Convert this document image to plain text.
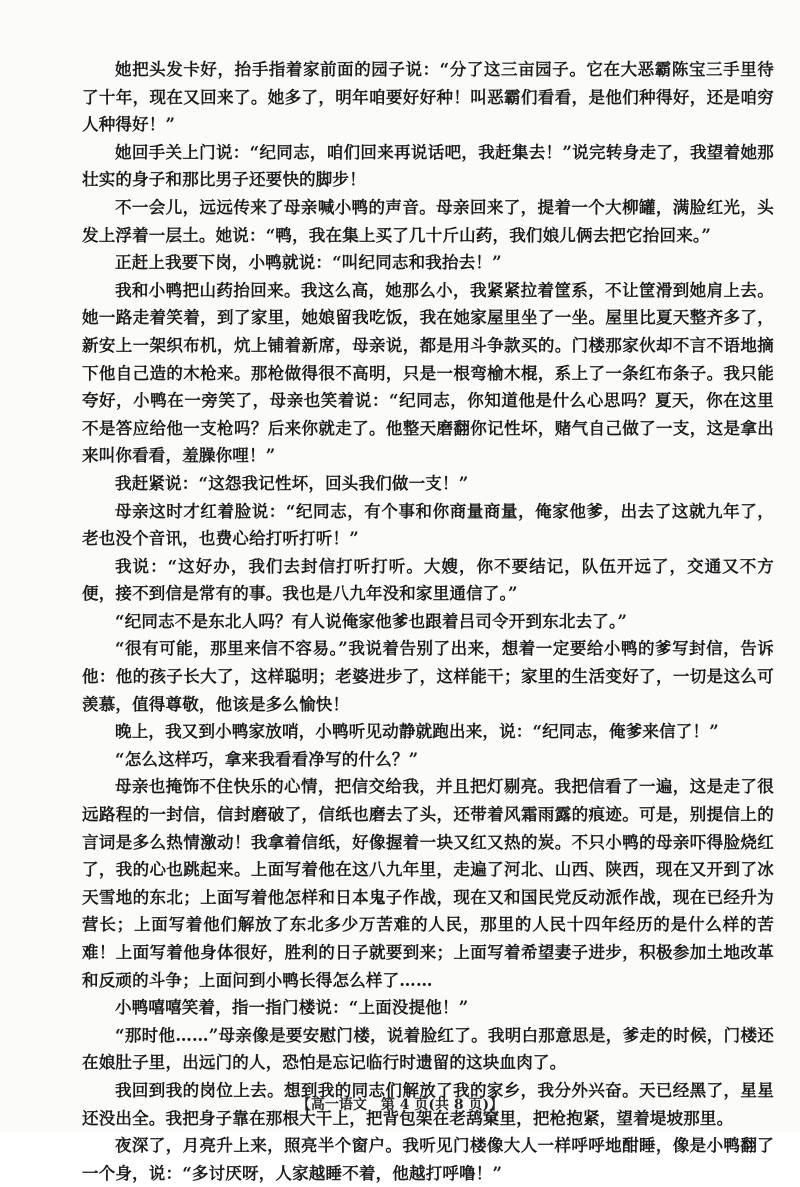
她把头发卡好，抬手指着家前面的园子说：“分了这三亩园子。它在大恶霸陈宝三手里待了十年，现在又回来了。她多了，明年咱要好好种！叫恶霸们看看，是他们种得好，还是咱穷人种得好！”

她回手关上门说：“纪同志，咱们回来再说话吧，我赶集去！”说完转身走了，我望着她那壮实的身子和那比男子还要快的脚步！

不一会儿，远远传来了母亲喊小鸭的声音。母亲回来了，提着一个大柳罐，满脸红光，头发上浮着一层土。她说：“鸭，我在集上买了几十斤山药，我们娘儿俩去把它抬回来。”

正赶上我要下岗，小鸭就说：“叫纪同志和我抬去！”

我和小鸭把山药抬回来。我这么高，她那么小，我紧紧拉着筐系，不让筐滑到她肩上去。她一路走着笑着，到了家里，她娘留我吃饭，我在她家屋里坐了一坐。屋里比夏天整齐多了，新安上一架织布机，炕上铺着新席，母亲说，都是用斗争款买的。门楼那家伙却不言不语地摘下他自己造的木枪来。那枪做得很不高明，只是一根弯榆木棍，系上了一条红布条子。我只能夸好，小鸭在一旁笑了，母亲也笑着说：“纪同志，你知道他是什么心思吗？夏天，你在这里不是答应给他一支枪吗？后来你就走了。他整天磨翻你记性坏，赌气自己做了一支，这是拿出来叫你看看，羞臊你哩！”

我赶紧说：“这怨我记性坏，回头我们做一支！”

母亲这时才红着脸说：“纪同志，有个事和你商量商量，俺家他爹，出去了这就九年了，老也没个音讯，也费心给打听打听！”

我说：“这好办，我们去封信打听打听。大嫂，你不要结记，队伍开远了，交通又不方便，接不到信是常有的事。我也是八九年没和家里通信了。”

“纪同志不是东北人吗？有人说俺家他爹也跟着吕司令开到东北去了。”

“很有可能，那里来信不容易。”我说着告别了出来，想着一定要给小鸭的爹写封信，告诉他：他的孩子长大了，这样聪明；老婆进步了，这样能干；家里的生活变好了，一切是这么可羡慕，值得尊敬，他该是多么愉快！

晚上，我又到小鸭家放哨，小鸭听见动静就跑出来，说：“纪同志，俺爹来信了！”

“怎么这样巧，拿来我看看净写的什么？”

母亲也掩饰不住快乐的心情，把信交给我，并且把灯剔亮。我把信看了一遍，这是走了很远路程的一封信，信封磨破了，信纸也磨去了头，还带着风霜雨露的痕迹。可是，别提信上的言词是多么热情激动！我拿着信纸，好像握着一块又红又热的炭。不只小鸭的母亲吓得脸烧红了，我的心也跳起来。上面写着他在这八九年里，走遍了河北、山西、陕西，现在又开到了冰天雪地的东北；上面写着他怎样和日本鬼子作战，现在又和国民党反动派作战，现在已经升为营长；上面写着他们解放了东北多少万苦难的人民，那里的人民十四年经历的是什么样的苦难！上面写着他身体很好，胜利的日子就要到来；上面写着希望妻子进步，积极参加土地改革和反顽的斗争；上面问到小鸭长得怎么样了……

小鸭嘻嘻笑着，指一指门楼说：“上面没提他！”

“那时他……”母亲像是要安慰门楼，说着脸红了。我明白那意思是，爹走的时候，门楼还在娘肚子里，出远门的人，恐怕是忘记临行时遗留的这块血肉了。

我回到我的岗位上去。想到我的同志们解放了我的家乡，我分外兴奋。天已经黑了，星星还没出全。我把身子靠在那根大干上，把背包架在老鸹窠里，把枪抱紧，望着堤坡那里。

夜深了，月亮升上来，照亮半个窗户。我听见门楼像大人一样呼呼地酣睡，像是小鸭翻了一个身，说：“多讨厌呀，人家越睡不着，他越打呼噜！”

【高一语文　第 4 页(共 8 页)】
